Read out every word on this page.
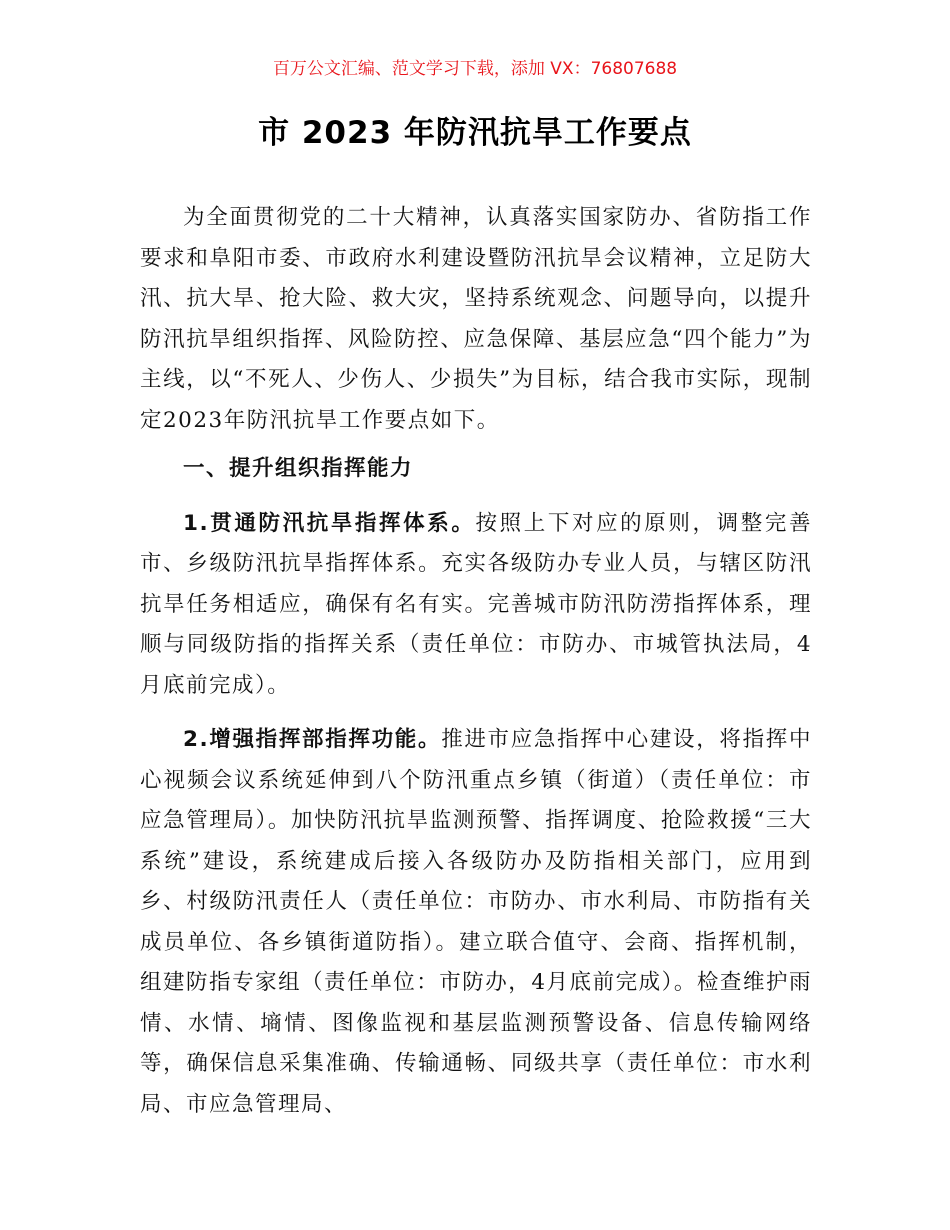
百万公文汇编、范文学习下载，添加 VX：76807688
市 2023 年防汛抗旱工作要点

为全面贯彻党的二十大精神，认真落实国家防办、省防指工作要求和阜阳市委、市政府水利建设暨防汛抗旱会议精神，立足防大汛、抗大旱、抢大险、救大灾，坚持系统观念、问题导向，以提升防汛抗旱组织指挥、风险防控、应急保障、基层应急“四个能力”为主线，以“不死人、少伤人、少损失”为目标，结合我市实际，现制定2023年防汛抗旱工作要点如下。

一、提升组织指挥能力

1.贯通防汛抗旱指挥体系。按照上下对应的原则，调整完善市、乡级防汛抗旱指挥体系。充实各级防办专业人员，与辖区防汛抗旱任务相适应，确保有名有实。完善城市防汛防涝指挥体系，理顺与同级防指的指挥关系（责任单位：市防办、市城管执法局，4月底前完成）。

2.增强指挥部指挥功能。推进市应急指挥中心建设，将指挥中心视频会议系统延伸到八个防汛重点乡镇（街道）（责任单位：市应急管理局）。加快防汛抗旱监测预警、指挥调度、抢险救援“三大系统”建设，系统建成后接入各级防办及防指相关部门，应用到乡、村级防汛责任人（责任单位：市防办、市水利局、市防指有关成员单位、各乡镇街道防指）。建立联合值守、会商、指挥机制，组建防指专家组（责任单位：市防办，4月底前完成）。检查维护雨情、水情、墒情、图像监视和基层监测预警设备、信息传输网络等，确保信息采集准确、传输通畅、同级共享（责任单位：市水利局、市应急管理局、
